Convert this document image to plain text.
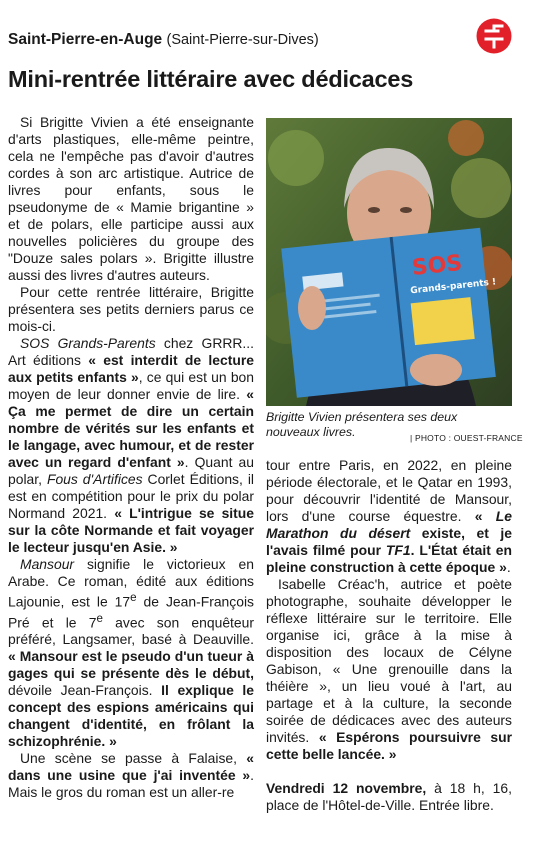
Saint-Pierre-en-Auge (Saint-Pierre-sur-Dives)
Mini-rentrée littéraire avec dédicaces

Si Brigitte Vivien a été enseignante d'arts plastiques, elle-même peintre, cela ne l'empêche pas d'avoir d'autres cordes à son arc artistique. Autrice de livres pour enfants, sous le pseudonyme de « Mamie brigantine » et de polars, elle participe aussi aux nouvelles policières du groupe des "Douze sales polars ». Brigitte illustre aussi des livres d'autres auteurs.

Pour cette rentrée littéraire, Brigitte présentera ses petits derniers parus ce mois-ci.

SOS Grands-Parents chez GRRR... Art éditions « est interdit de lecture aux petits enfants », ce qui est un bon moyen de leur donner envie de lire. « Ça me permet de dire un certain nombre de vérités sur les enfants et le langage, avec humour, et de rester avec un regard d'enfant ». Quant au polar, Fous d'Artifices Corlet Éditions, il est en compétition pour le prix du polar Normand 2021. « L'intrigue se situe sur la côte Normande et fait voyager le lecteur jusqu'en Asie. »

Mansour signifie le victorieux en Arabe. Ce roman, édité aux éditions Lajounie, est le 17e de Jean-François Pré et le 7e avec son enquêteur préféré, Langsamer, basé à Deauville. « Mansour est le pseudo d'un tueur à gages qui se présente dès le début, dévoile Jean-François. Il explique le concept des espions américains qui changent d'identité, en frôlant la schizophrénie. »

Une scène se passe à Falaise, « dans une usine que j'ai inventée ». Mais le gros du roman est un aller-re

SOS
Grands-parents !
Brigitte Vivien présentera ses deux nouveaux livres.	| PHOTO : OUEST-FRANCE

tour entre Paris, en 2022, en pleine période électorale, et le Qatar en 1993, pour découvrir l'identité de Mansour, lors d'une course équestre. « Le Marathon du désert existe, et je l'avais filmé pour TF1. L'État était en pleine construction à cette époque ».

Isabelle Créac'h, autrice et poète photographe, souhaite développer le réflexe littéraire sur le territoire. Elle organise ici, grâce à la mise à disposition des locaux de Célyne Gabison, « Une grenouille dans la théière », un lieu voué à l'art, au partage et à la culture, la seconde soirée de dédicaces avec des auteurs invités. « Espérons poursuivre sur cette belle lancée. »

Vendredi 12 novembre, à 18 h, 16, place de l'Hôtel-de-Ville. Entrée libre.
